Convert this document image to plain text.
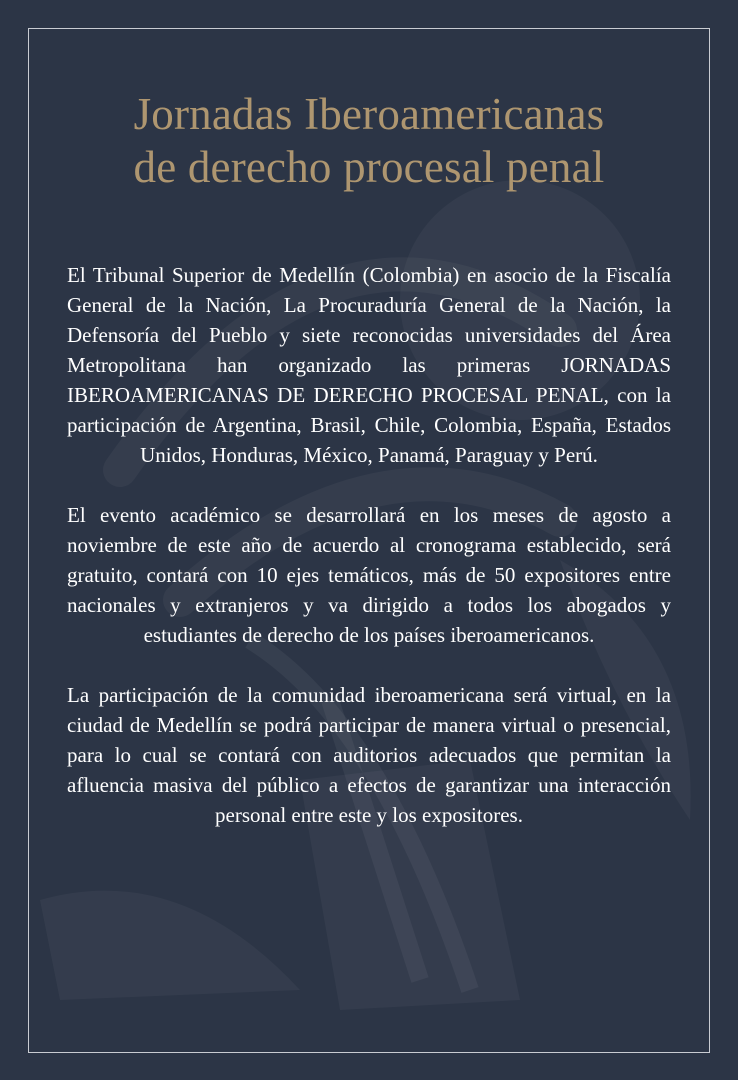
Jornadas Iberoamericanas
de derecho procesal penal

El Tribunal Superior de Medellín (Colombia) en asocio de la Fiscalía General de la Nación, La Procuraduría General de la Nación, la Defensoría del Pueblo y siete reconocidas universidades del Área Metropolitana han organizado las primeras JORNADAS IBEROAMERICANAS DE DERECHO PROCESAL PENAL, con la participación de Argentina, Brasil, Chile, Colombia, España, Estados Unidos, Honduras, México, Panamá, Paraguay y Perú.

El evento académico se desarrollará en los meses de agosto a noviembre de este año de acuerdo al cronograma establecido, será gratuito, contará con 10 ejes temáticos, más de 50 expositores entre nacionales y extranjeros y va dirigido a todos los abogados y estudiantes de derecho de los países iberoamericanos.

La participación de la comunidad iberoamericana será virtual, en la ciudad de Medellín se podrá participar de manera virtual o presencial, para lo cual se contará con auditorios adecuados que permitan la afluencia masiva del público a efectos de garantizar una interacción personal entre este y los expositores.
